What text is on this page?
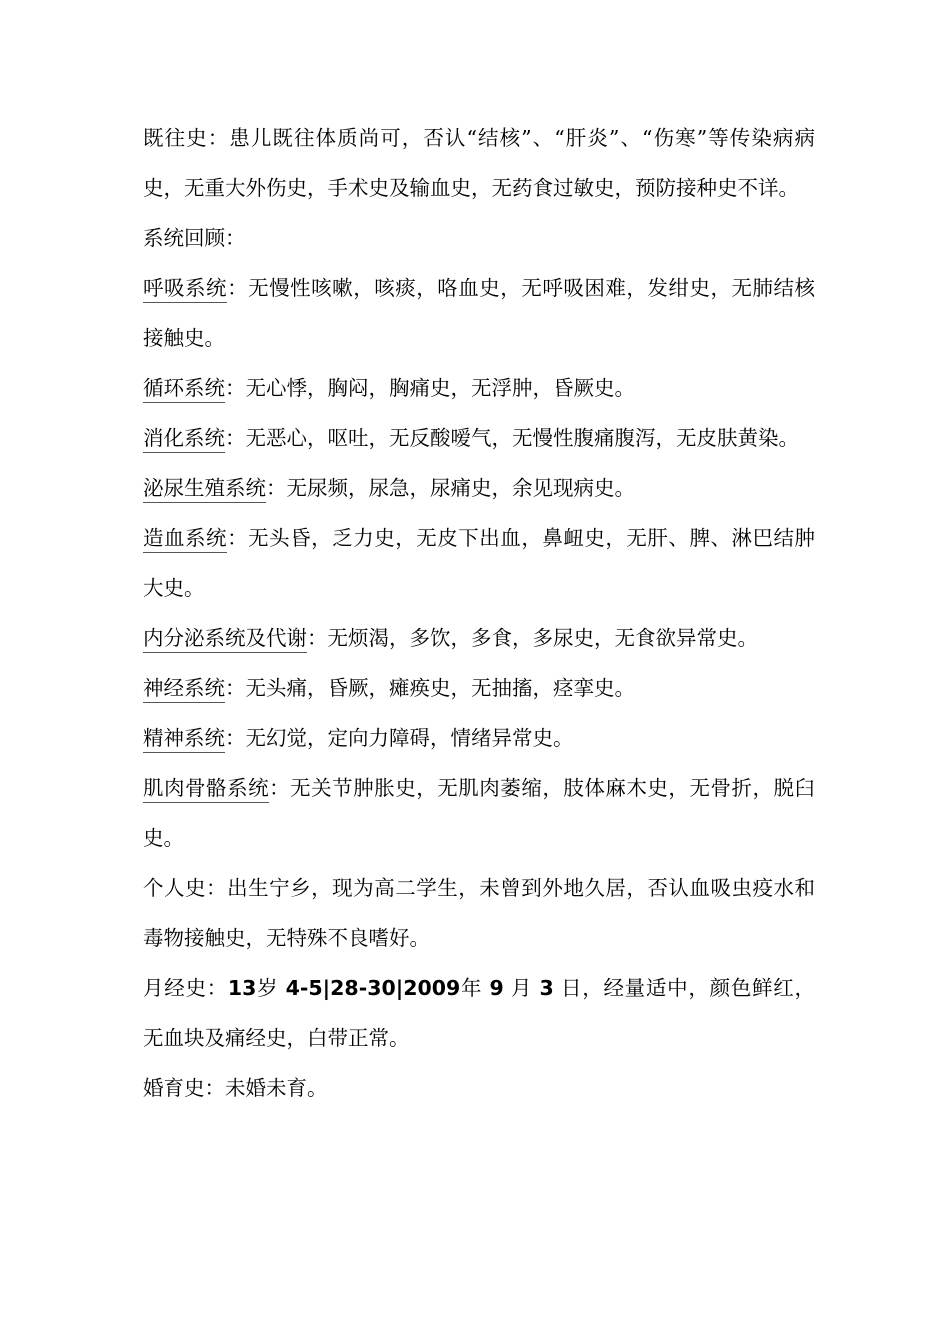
既往史：患儿既往体质尚可，否认“结核”、“肝炎”、“伤寒”等传染病病史，无重大外伤史，手术史及输血史，无药食过敏史，预防接种史不详。

系统回顾：

呼吸系统：无慢性咳嗽，咳痰，咯血史，无呼吸困难，发绀史，无肺结核接触史。

循环系统：无心悸，胸闷，胸痛史，无浮肿，昏厥史。

消化系统：无恶心，呕吐，无反酸嗳气，无慢性腹痛腹泻，无皮肤黄染。

泌尿生殖系统：无尿频，尿急，尿痛史，余见现病史。

造血系统：无头昏，乏力史，无皮下出血，鼻衄史，无肝、脾、淋巴结肿大史。

内分泌系统及代谢：无烦渴，多饮，多食，多尿史，无食欲异常史。

神经系统：无头痛，昏厥，瘫痪史，无抽搐，痉挛史。

精神系统：无幻觉，定向力障碍，情绪异常史。

肌肉骨骼系统：无关节肿胀史，无肌肉萎缩，肢体麻木史，无骨折，脱臼史。

个人史：出生宁乡，现为高二学生，未曾到外地久居，否认血吸虫疫水和毒物接触史，无特殊不良嗜好。

月经史：13岁 4-5|28-30|2009年 9 月 3 日，经量适中，颜色鲜红，无血块及痛经史，白带正常。

婚育史：未婚未育。
